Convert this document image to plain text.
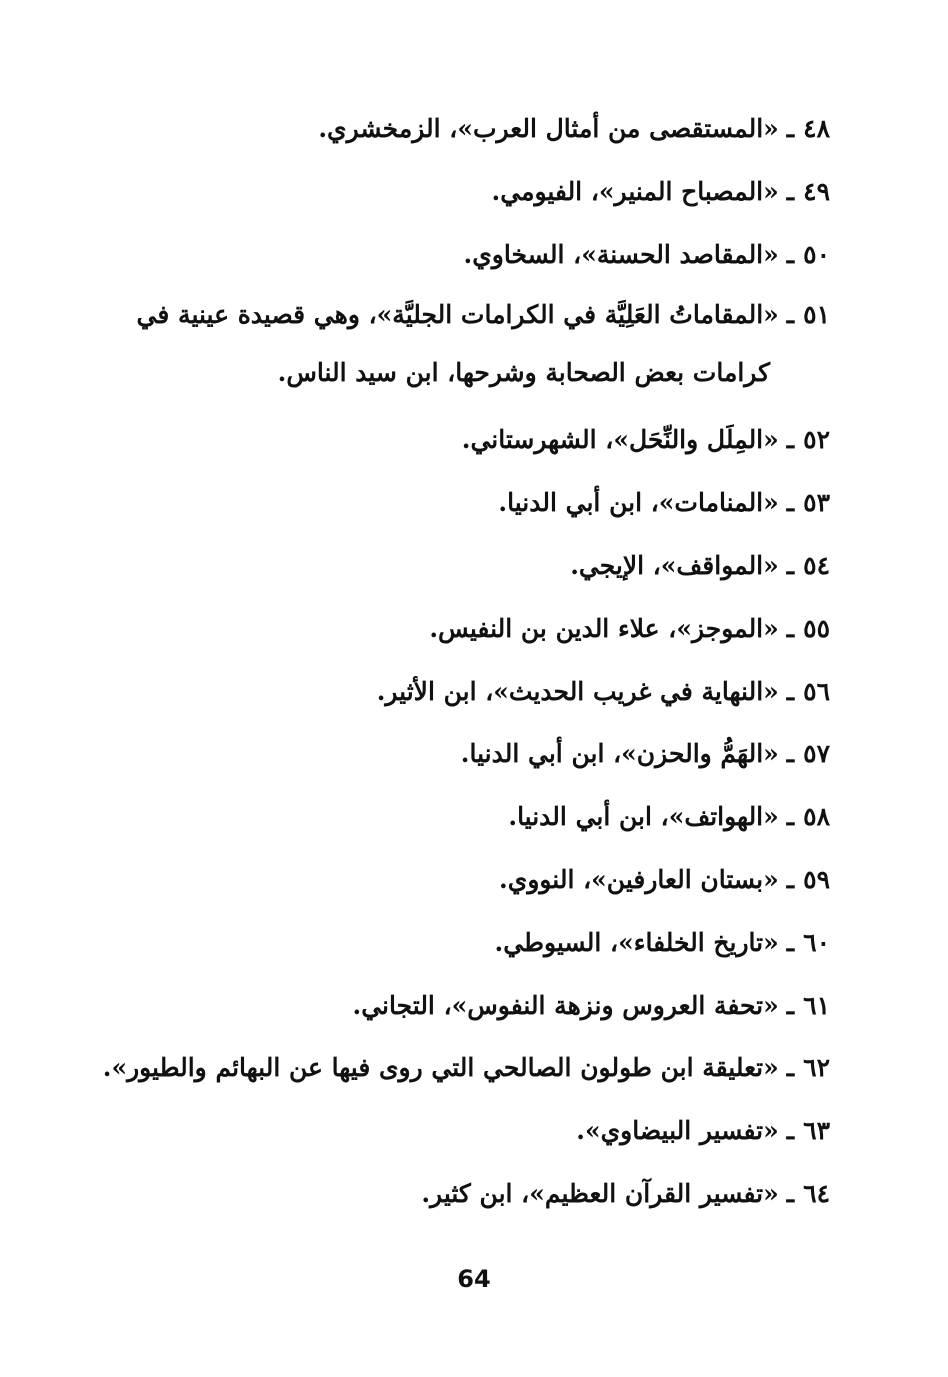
٤٨ ـ «المستقصى من أمثال العرب»، الزمخشري.
٤٩ ـ «المصباح المنير»، الفيومي.
٥٠ ـ «المقاصد الحسنة»، السخاوي.
٥١ ـ «المقاماتُ العَلِيَّة في الكرامات الجليَّة»، وهي قصيدة عينية في
كرامات بعض الصحابة وشرحها، ابن سيد الناس.
٥٢ ـ «المِلَل والنِّحَل»، الشهرستاني.
٥٣ ـ «المنامات»، ابن أبي الدنيا.
٥٤ ـ «المواقف»، الإيجي.
٥٥ ـ «الموجز»، علاء الدين بن النفيس.
٥٦ ـ «النهاية في غريب الحديث»، ابن الأثير.
٥٧ ـ «الهَمُّ والحزن»، ابن أبي الدنيا.
٥٨ ـ «الهواتف»، ابن أبي الدنيا.
٥٩ ـ «بستان العارفين»، النووي.
٦٠ ـ «تاريخ الخلفاء»، السيوطي.
٦١ ـ «تحفة العروس ونزهة النفوس»، التجاني.
٦٢ ـ «تعليقة ابن طولون الصالحي التي روى فيها عن البهائم والطيور».
٦٣ ـ «تفسير البيضاوي».
٦٤ ـ «تفسير القرآن العظيم»، ابن كثير.
64
